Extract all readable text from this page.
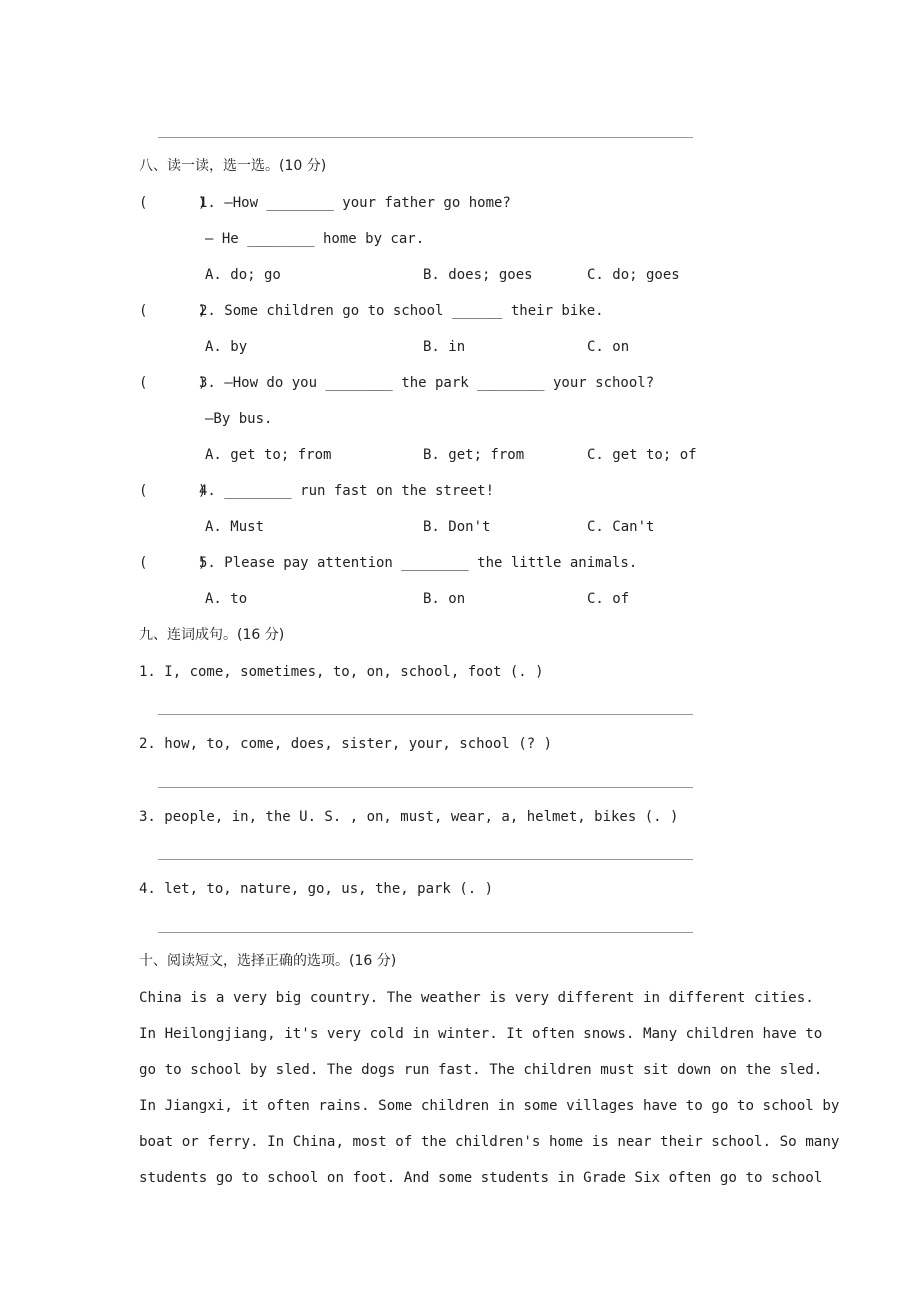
八、读一读，选一选。(10 分)
(      )
1. —How ________ your father go home?
— He ________ home by car.
A. do; go	B. does; goes	C. do; goes
(      )
2. Some children go to school ______ their bike.
A. by	B. in	C. on
(      )
3. —How do you ________ the park ________ your school?
—By bus.
A. get to; from	B. get; from	C. get to; of
(      )
4. ________ run fast on the street!
A. Must	B. Don't	C. Can't
(      )
5. Please pay attention ________ the little animals.
A. to	B. on	C. of
九、连词成句。(16 分)
1. I, come, sometimes, to, on, school, foot (. )
2. how, to, come, does, sister, your, school (? )
3. people, in, the U. S. , on, must, wear, a, helmet, bikes (. )
4. let, to, nature, go, us, the, park (. )
十、阅读短文，选择正确的选项。(16 分)

China is a very big country. The weather is very different in different cities.

In Heilongjiang, it's very cold in winter. It often snows. Many children have to

go to school by sled. The dogs run fast. The children must sit down on the sled.

In Jiangxi, it often rains. Some children in some villages have to go to school by

boat or ferry. In China, most of the children's home is near their school. So many

students go to school on foot. And some students in Grade Six often go to school
